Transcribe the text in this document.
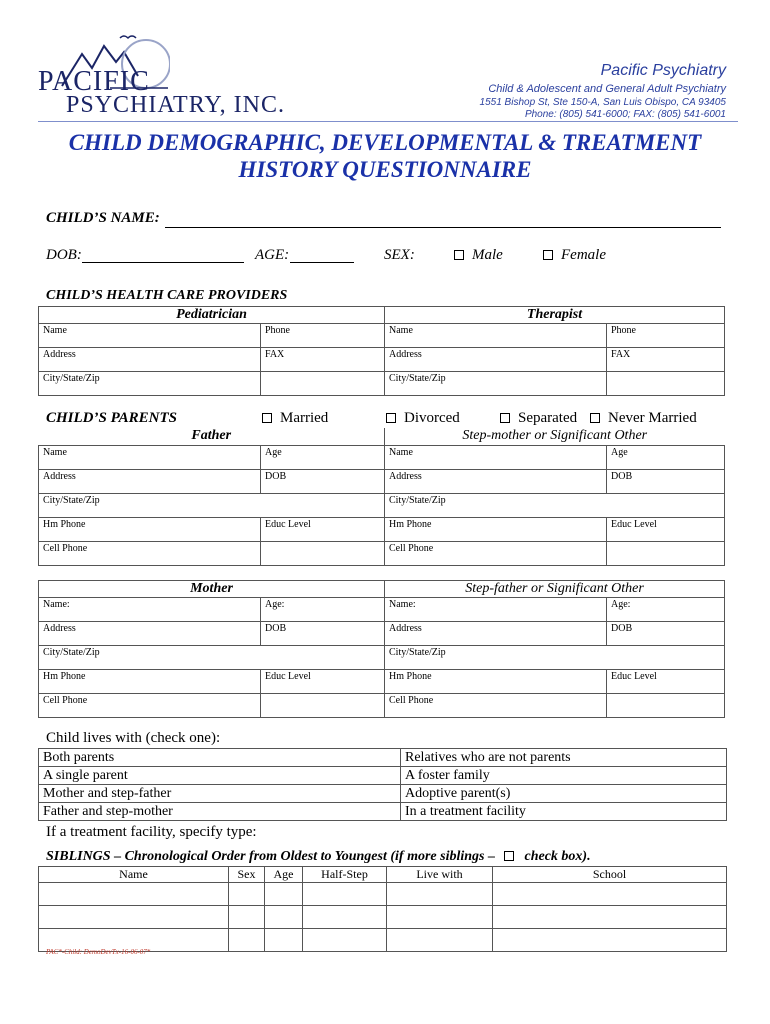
PACIFIC
PSYCHIATRY, INC.
Pacific Psychiatry
Child & Adolescent and General Adult Psychiatry
1551 Bishop St, Ste 150-A, San Luis Obispo, CA 93405
Phone: (805) 541-6000; FAX: (805) 541-6001
CHILD DEMOGRAPHIC, DEVELOPMENTAL & TREATMENT
HISTORY QUESTIONNAIRE
CHILD’S NAME:
DOB:	AGE:	SEX:	Male	Female
CHILD’S HEALTH CARE PROVIDERS
Pediatrician		Therapist	
Name	Phone	Name	Phone
Address	FAX	Address	FAX
City/State/Zip		City/State/Zip	
CHILD’S PARENTS	Married	Divorced	Separated	Never Married
Father		Step-mother or Significant Other	
Name	Age	Name	Age
Address	DOB	Address	DOB
City/State/Zip		City/State/Zip	
Hm Phone	Educ Level	Hm Phone	Educ Level
Cell Phone		Cell Phone	
Mother		Step-father or Significant Other	
Name:	Age:	Name:	Age:
Address	DOB	Address	DOB
City/State/Zip		City/State/Zip	
Hm Phone	Educ Level	Hm Phone	Educ Level
Cell Phone		Cell Phone	
Child lives with (check one):
Both parents	Relatives who are not parents
A single parent	A foster family
Mother and step-father	Adoptive parent(s)
Father and step-mother	In a treatment facility
If a treatment facility, specify type:
SIBLINGS – Chronological Order from Oldest to Youngest (if more siblings – check box).
Name	Sex	Age	Half-Step	Live with	School

PAC*-Child: DemoDevTx-16-06-07*
